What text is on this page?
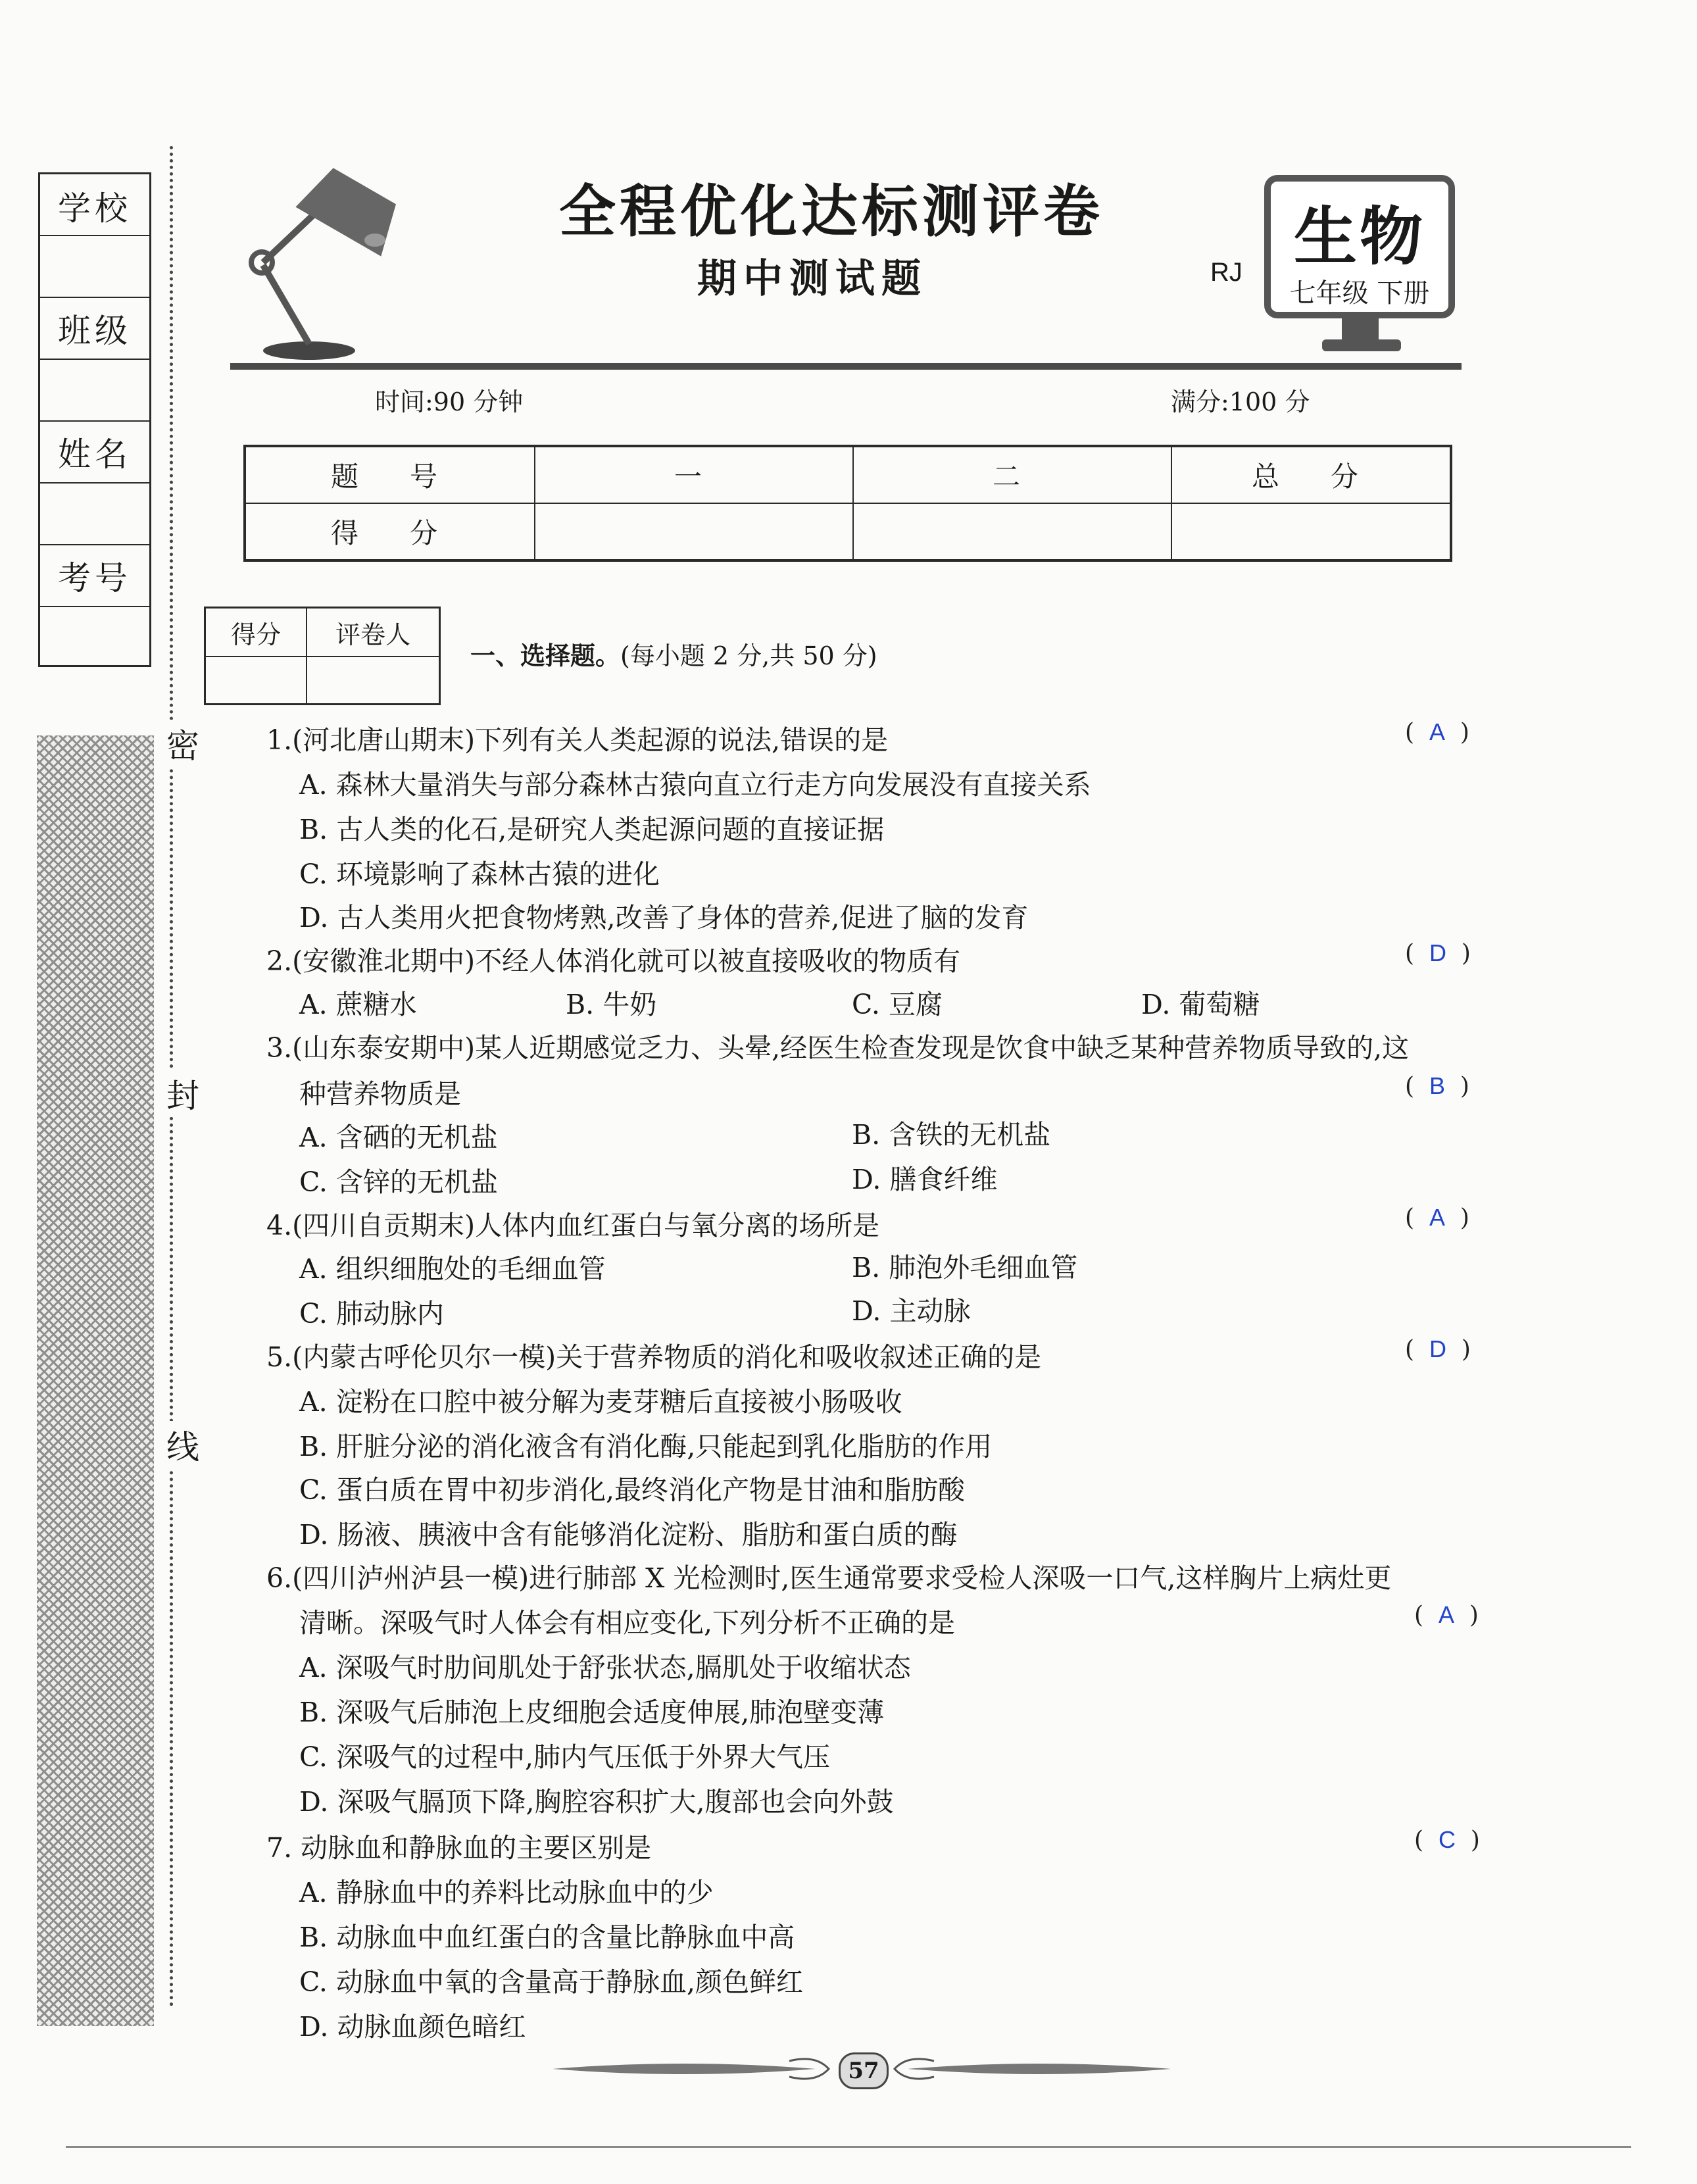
学校
班级
姓名
考号
密
封
线
全程优化达标测评卷
期中测试题	RJ 生物
七年级 下册
时间:90 分钟	满分:100 分
题　号	一	二	总　分
得　分			
得分	评卷人

一、选择题。(每小题 2 分,共 50 分)
1.(河北唐山期末)下列有关人类起源的说法,错误的是
A. 森林大量消失与部分森林古猿向直立行走方向发展没有直接关系
B. 古人类的化石,是研究人类起源问题的直接证据
C. 环境影响了森林古猿的进化
D. 古人类用火把食物烤熟,改善了身体的营养,促进了脑的发育
2.(安徽淮北期中)不经人体消化就可以被直接吸收的物质有
A. 蔗糖水	B. 牛奶	C. 豆腐	D. 葡萄糖
3.(山东泰安期中)某人近期感觉乏力、头晕,经医生检查发现是饮食中缺乏某种营养物质导致的,这
种营养物质是
A. 含硒的无机盐	B. 含铁的无机盐
C. 含锌的无机盐	D. 膳食纤维
4.(四川自贡期末)人体内血红蛋白与氧分离的场所是
A. 组织细胞处的毛细血管	B. 肺泡外毛细血管
C. 肺动脉内	D. 主动脉
5.(内蒙古呼伦贝尔一模)关于营养物质的消化和吸收叙述正确的是
A. 淀粉在口腔中被分解为麦芽糖后直接被小肠吸收
B. 肝脏分泌的消化液含有消化酶,只能起到乳化脂肪的作用
C. 蛋白质在胃中初步消化,最终消化产物是甘油和脂肪酸
D. 肠液、胰液中含有能够消化淀粉、脂肪和蛋白质的酶
6.(四川泸州泸县一模)进行肺部 X 光检测时,医生通常要求受检人深吸一口气,这样胸片上病灶更
清晰。深吸气时人体会有相应变化,下列分析不正确的是
A. 深吸气时肋间肌处于舒张状态,膈肌处于收缩状态
B. 深吸气后肺泡上皮细胞会适度伸展,肺泡壁变薄
C. 深吸气的过程中,肺内气压低于外界大气压
D. 深吸气膈顶下降,胸腔容积扩大,腹部也会向外鼓
7. 动脉血和静脉血的主要区别是
A. 静脉血中的养料比动脉血中的少
B. 动脉血中血红蛋白的含量比静脉血中高
C. 动脉血中氧的含量高于静脉血,颜色鲜红
D. 动脉血颜色暗红
( A )
( D )
( B )
( A )
( D )
( A )
( C )
57
